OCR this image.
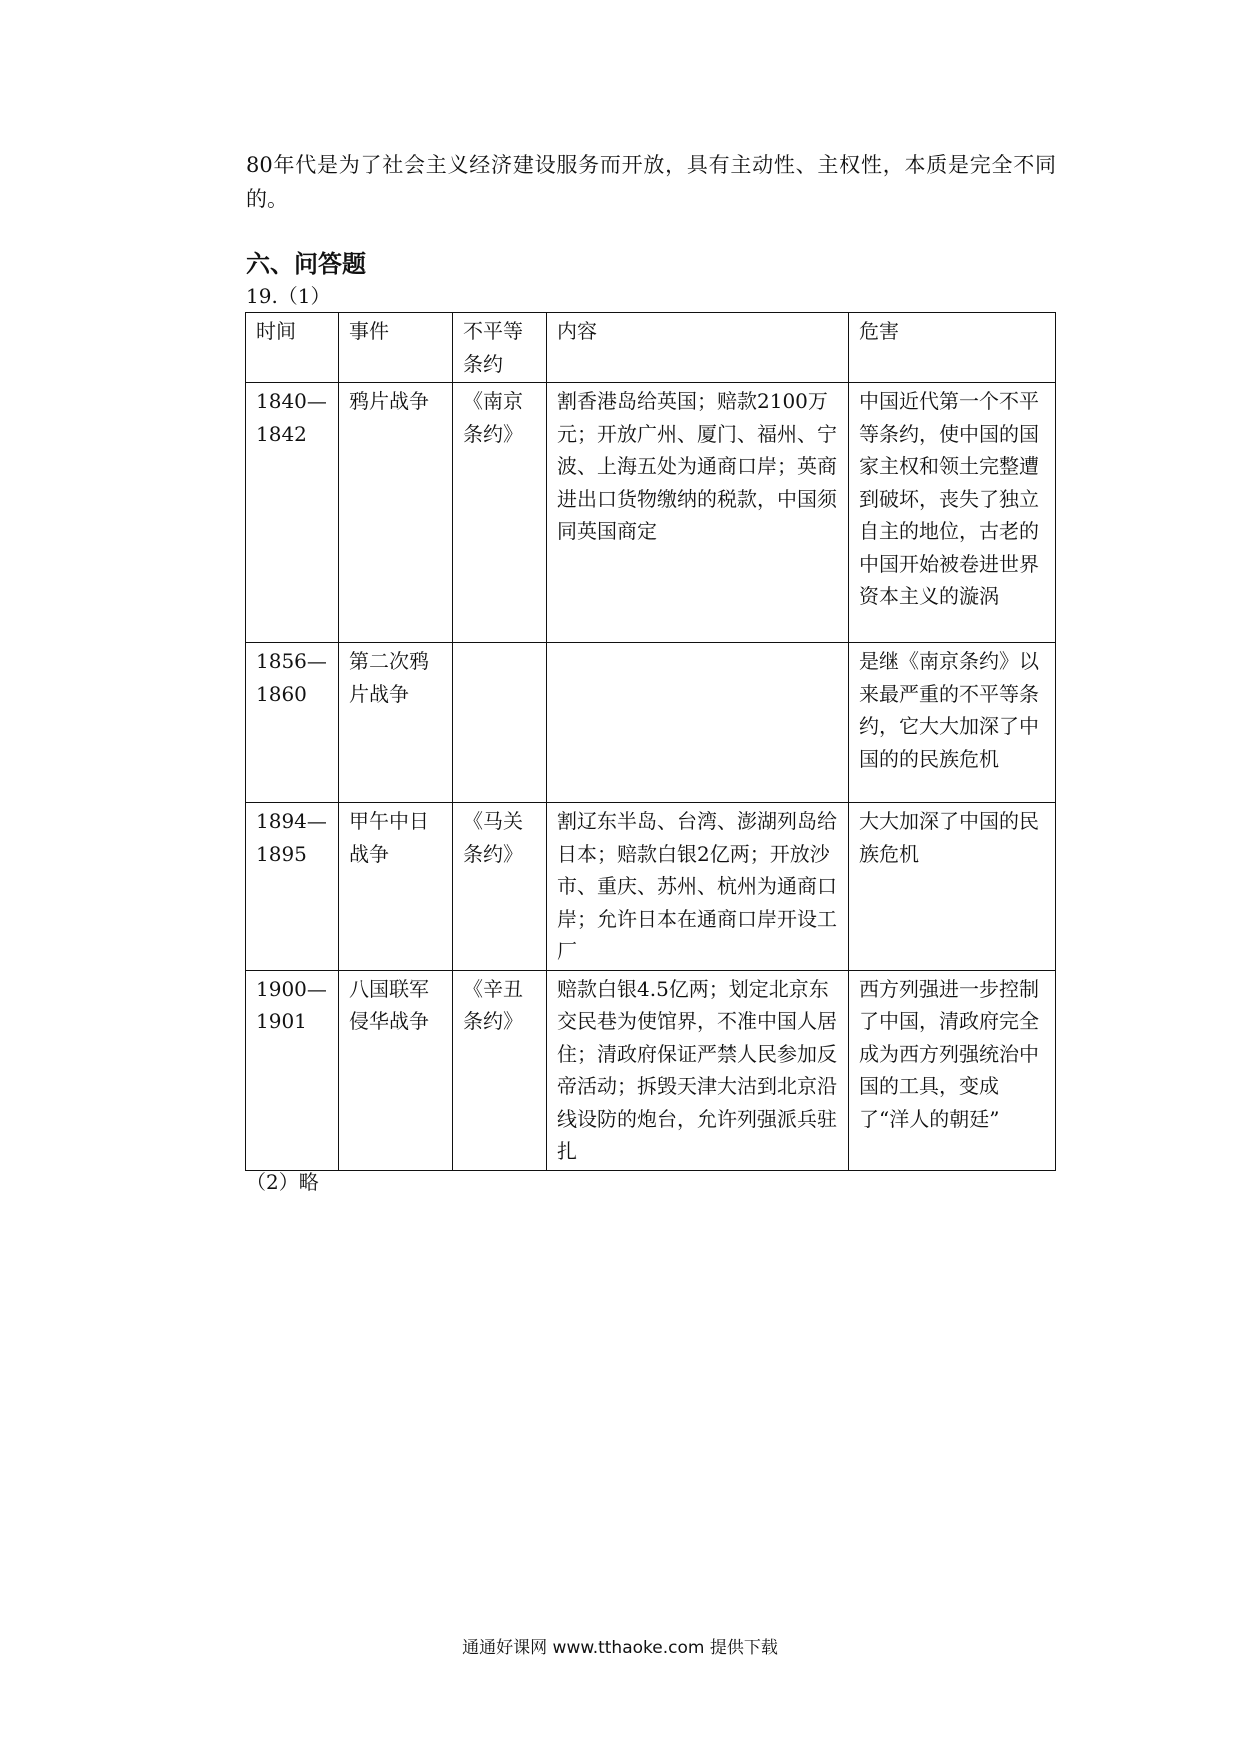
80年代是为了社会主义经济建设服务而开放，具有主动性、主权性，本质是完全不同的。
六、问答题
19.（1）
时间	事件	不平等条约	内容	危害
1840—1842	鸦片战争	《南京条约》	割香港岛给英国；赔款2100万元；开放广州、厦门、福州、宁波、上海五处为通商口岸；英商进出口货物缴纳的税款，中国须同英国商定	中国近代第一个不平等条约，使中国的国家主权和领土完整遭到破坏，丧失了独立自主的地位，古老的中国开始被卷进世界资本主义的漩涡
1856—1860	第二次鸦片战争			是继《南京条约》以来最严重的不平等条约，它大大加深了中国的的民族危机
1894—1895	甲午中日战争	《马关条约》	割辽东半岛、台湾、澎湖列岛给日本；赔款白银2亿两；开放沙市、重庆、苏州、杭州为通商口岸；允许日本在通商口岸开设工厂	大大加深了中国的民族危机
1900—1901	八国联军侵华战争	《辛丑条约》	赔款白银4.5亿两；划定北京东交民巷为使馆界，不准中国人居住；清政府保证严禁人民参加反帝活动；拆毁天津大沽到北京沿线设防的炮台，允许列强派兵驻扎	西方列强进一步控制了中国，清政府完全成为西方列强统治中国的工具，变成了“洋人的朝廷”
（2）略
通通好课网 www.tthaoke.com 提供下载
